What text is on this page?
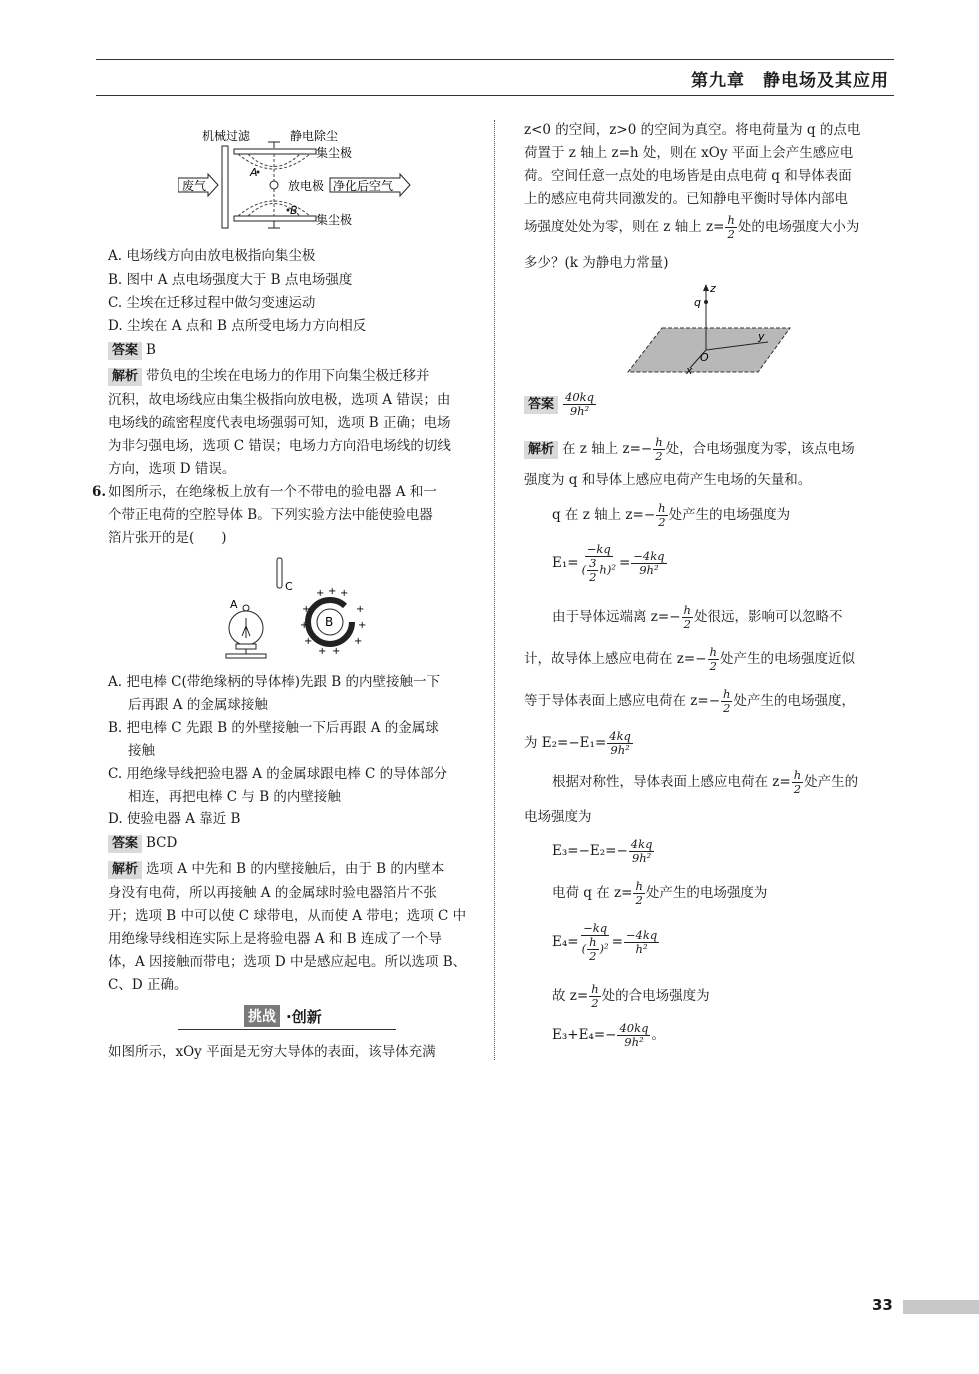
第九章　静电场及其应用
机械过滤	静电除尘
集尘极
集尘极
A
B
废气	放电极 净化后空气
A. 电场线方向由放电极指向集尘极
B. 图中 A 点电场强度大于 B 点电场强度
C. 尘埃在迁移过程中做匀变速运动
D. 尘埃在 A 点和 B 点所受电场力方向相反
答案 B
解析 带负电的尘埃在电场力的作用下向集尘极迁移并
沉积，故电场线应由集尘极指向放电极，选项 A 错误；由
电场线的疏密程度代表电场强弱可知，选项 B 正确；电场
为非匀强电场，选项 C 错误；电场力方向沿电场线的切线
方向，选项 D 错误。
6. 如图所示，在绝缘板上放有一个不带电的验电器 A 和一
个带正电荷的空腔导体 B。下列实验方法中能使验电器
箔片张开的是(　　)
A. 把电棒 C(带绝缘柄的导体棒)先跟 B 的内壁接触一下
后再跟 A 的金属球接触
B. 把电棒 C 先跟 B 的外壁接触一下后再跟 A 的金属球
接触
C. 用绝缘导线把验电器 A 的金属球跟电棒 C 的导体部分
相连，再把电棒 C 与 B 的内壁接触
D. 使验电器 A 靠近 B
答案 BCD
解析 选项 A 中先和 B 的内壁接触后，由于 B 的内壁本
身没有电荷，所以再接触 A 的金属球时验电器箔片不张
开；选项 B 中可以使 C 球带电，从而使 A 带电；选项 C 中
用绝缘导线相连实际上是将验电器 A 和 B 连成了一个导
体，A 因接触而带电；选项 D 中是感应起电。所以选项 B、
C、D 正确。
如图所示，xOy 平面是无穷大导体的表面，该导体充满
C
A
B
+ + +
+
+
+
+
+
+
+ +
挑战 ·创新
z<0 的空间，z>0 的空间为真空。将电荷量为 q 的点电
荷置于 z 轴上 z=h 处，则在 xOy 平面上会产生感应电
荷。空间任意一点处的电场皆是由点电荷 q 和导体表面
上的感应电荷共同激发的。已知静电平衡时导体内部电
场强度处处为零，则在 z 轴上 $z= \frac{h}{2}$ 处的电场强度大小为
多少？(k 为静电力常量)
答案 $\frac{40kq}{\text{9h²}}$
解析 在 z 轴上 $z=- \frac{h}{2}$ 处，合电场强度为零，该点电场
强度为 q 和导体上感应电荷产生电场的矢量和。
q 在 z 轴上 $z=- \frac{h}{2}$ 处产生的电场强度为
$E_1= \frac{-kq}{( \frac{3}{2} h)^2} = \frac{-4kq}{\text{9h²}}$
由于导体远端离 $z=- \frac{h}{2}$ 处很远，影响可以忽略不
计，故导体上感应电荷在 $z=- \frac{h}{2}$ 处产生的电场强度近似
等于导体表面上感应电荷在 $z=- \frac{h}{2}$ 处产生的电场强度，
为 $E_2=-E_1= \frac{4kq}{\text{9h²}}$
根据对称性，导体表面上感应电荷在 $z= \frac{h}{2}$ 处产生的
电场强度为
$E_3=-E_2=- \frac{4kq}{\text{9h²}}$
电荷 q 在 $z= \frac{h}{2}$ 处产生的电场强度为
$E_4= \frac{-kq}{( \frac{h}{2} )^2} = \frac{-4kq}{\text{h²}}$
故 $z= \frac{h}{2}$ 处的合电场强度为
$E_3+E_4=- \frac{40kq}{\text{9h²}}$ 。
z
q
y
x
O
33
